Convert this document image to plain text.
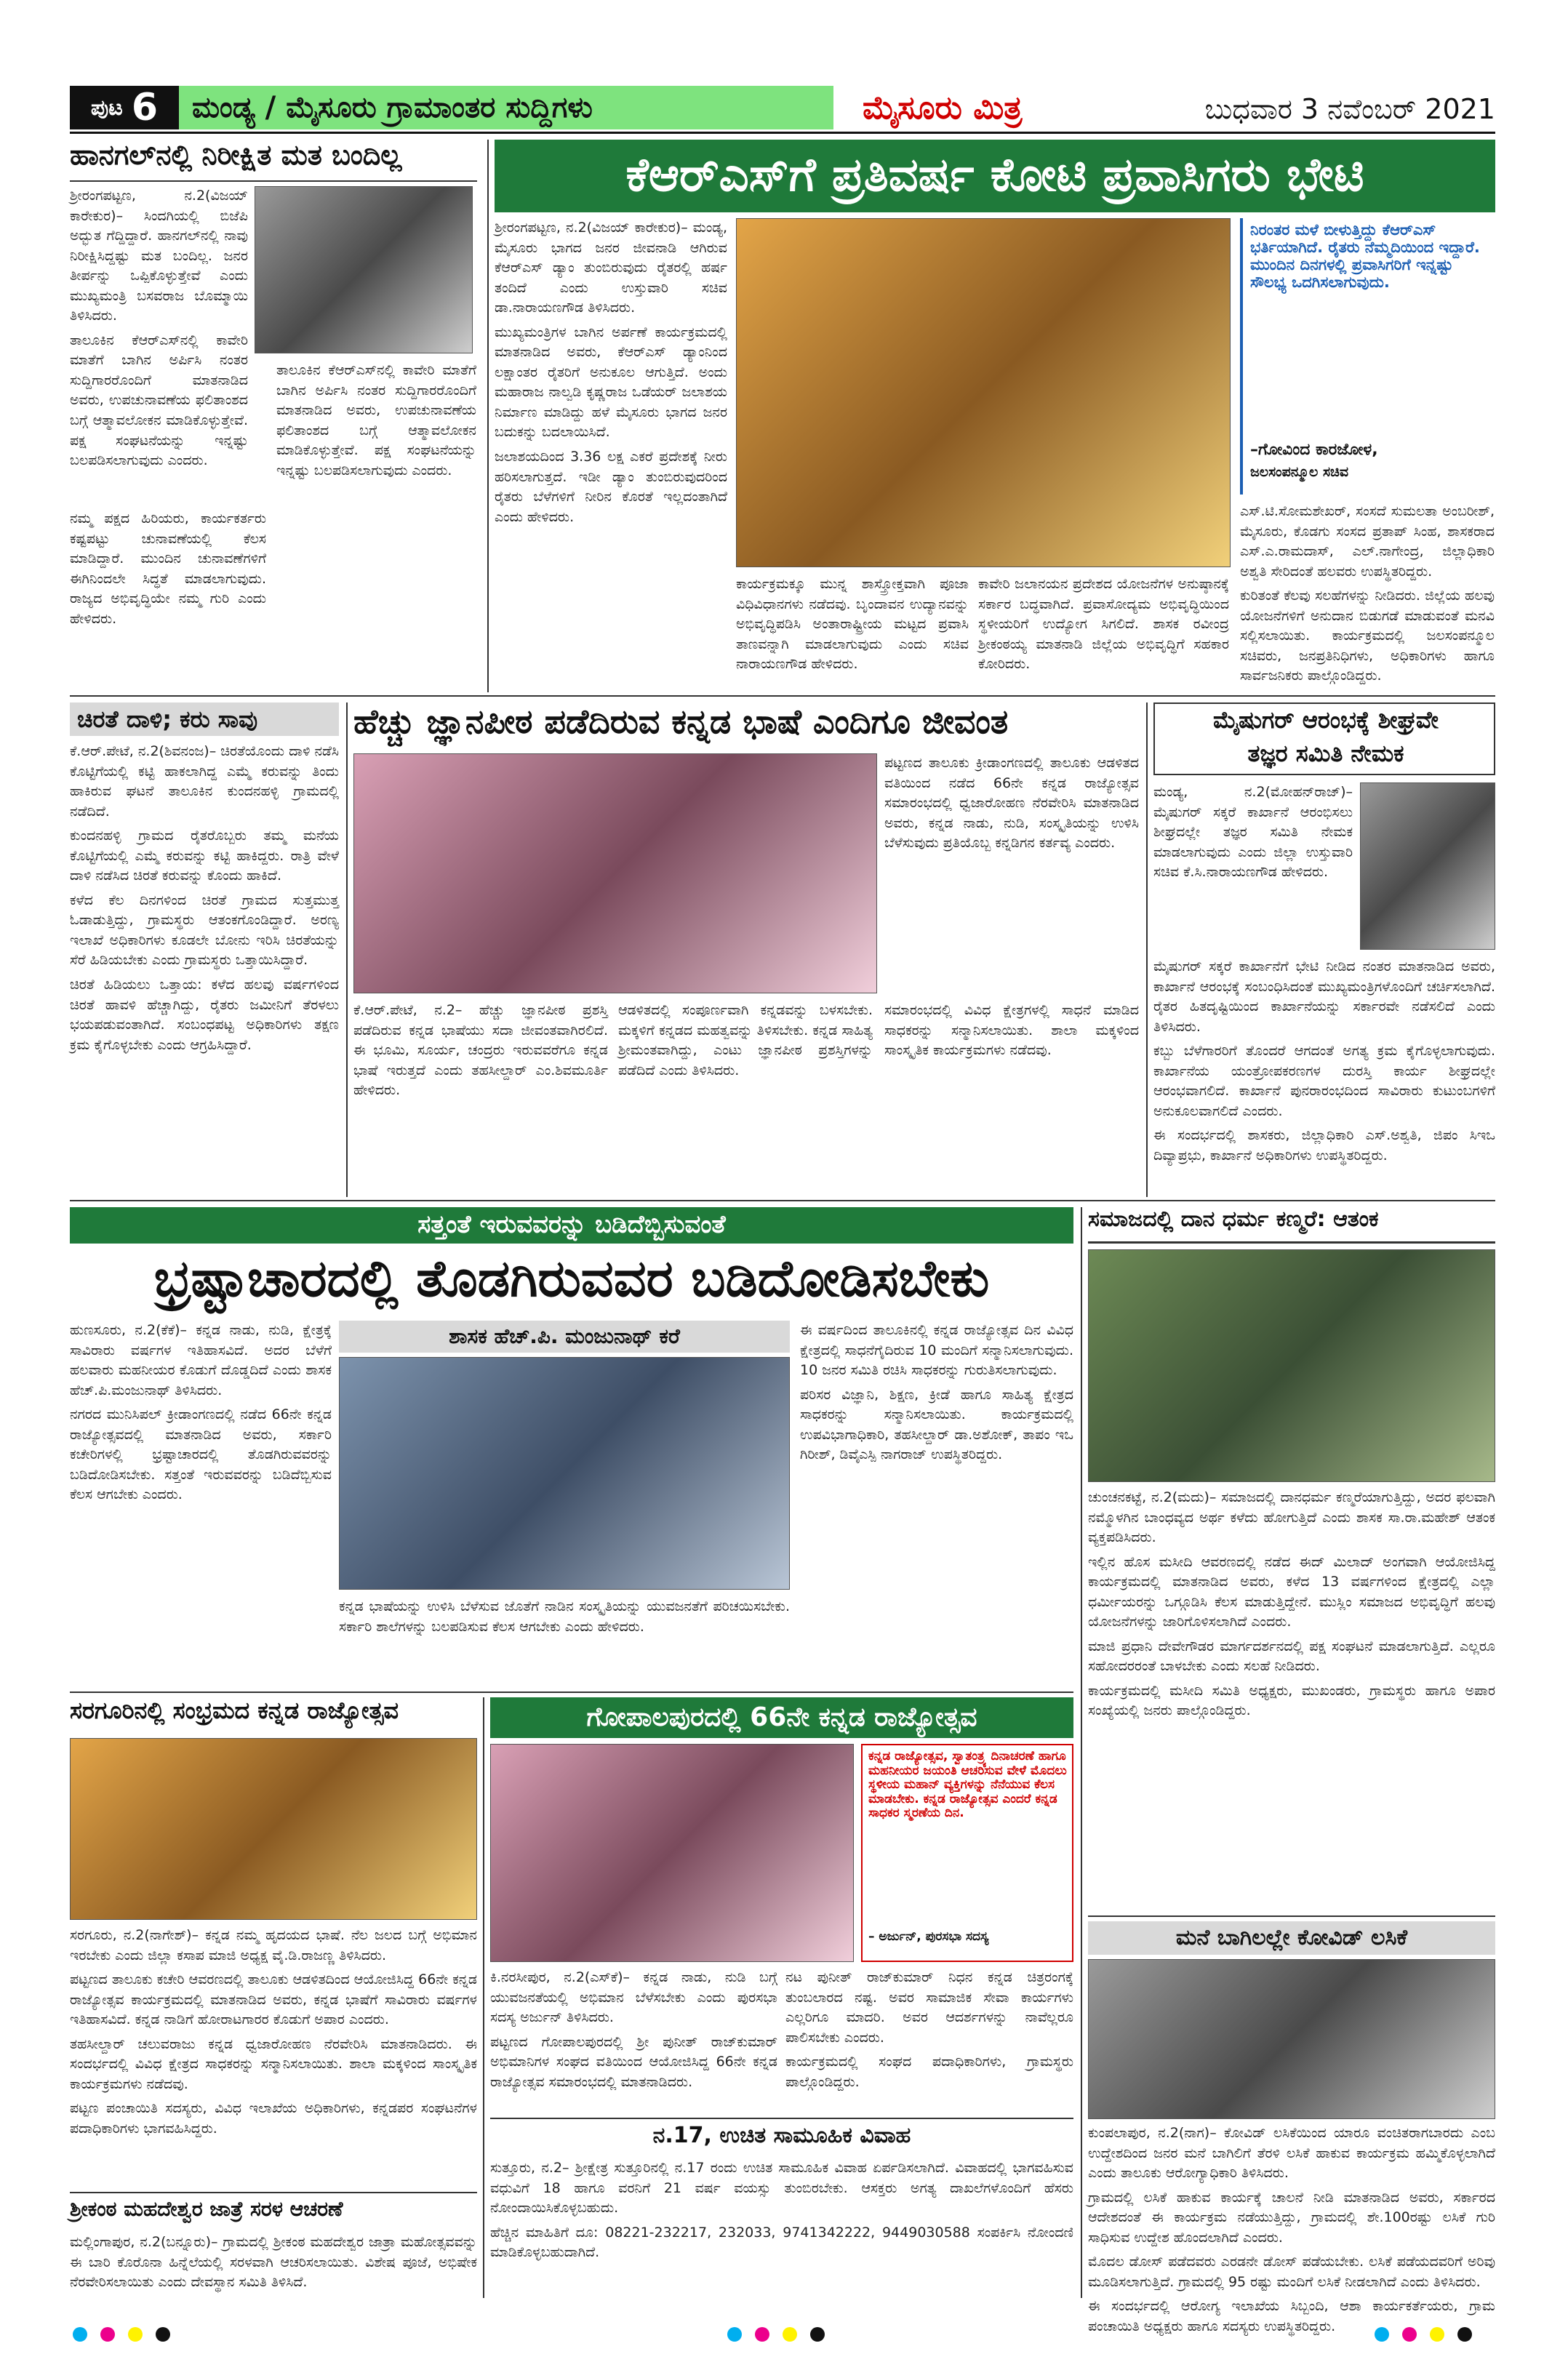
ಪುಟ 6	ಮಂಡ್ಯ / ಮೈಸೂರು ಗ್ರಾಮಾಂತರ ಸುದ್ದಿಗಳು	ಮೈಸೂರು ಮಿತ್ರ	ಬುಧವಾರ 3 ನವೆಂಬರ್ 2021
ಹಾನಗಲ್‌ನಲ್ಲಿ ನಿರೀಕ್ಷಿತ ಮತ ಬಂದಿಲ್ಲ

ಶ್ರೀರಂಗಪಟ್ಟಣ, ನ.2(ವಿಜಯ್ ಕಾರೇಕುರ)– ಸಿಂದಗಿಯಲ್ಲಿ ಬಿಜೆಪಿ ಅದ್ಭುತ ಗೆದ್ದಿದ್ದಾರೆ. ಹಾನಗಲ್‌ನಲ್ಲಿ ನಾವು ನಿರೀಕ್ಷಿಸಿದ್ದಷ್ಟು ಮತ ಬಂದಿಲ್ಲ. ಜನರ ತೀರ್ಪನ್ನು ಒಪ್ಪಿಕೊಳ್ಳುತ್ತೇವೆ ಎಂದು ಮುಖ್ಯಮಂತ್ರಿ ಬಸವರಾಜ ಬೊಮ್ಮಾಯಿ ತಿಳಿಸಿದರು.

ತಾಲೂಕಿನ ಕೆಆರ್‌ಎಸ್‌ನಲ್ಲಿ ಕಾವೇರಿ ಮಾತೆಗೆ ಬಾಗಿನ ಅರ್ಪಿಸಿ ನಂತರ ಸುದ್ದಿಗಾರರೊಂದಿಗೆ ಮಾತನಾಡಿದ ಅವರು, ಉಪಚುನಾವಣೆಯ ಫಲಿತಾಂಶದ ಬಗ್ಗೆ ಆತ್ಮಾವಲೋಕನ ಮಾಡಿಕೊಳ್ಳುತ್ತೇವೆ. ಪಕ್ಷ ಸಂಘಟನೆಯನ್ನು ಇನ್ನಷ್ಟು ಬಲಪಡಿಸಲಾಗುವುದು ಎಂದರು.

ನಮ್ಮ ಪಕ್ಷದ ಹಿರಿಯರು, ಕಾರ್ಯಕರ್ತರು ಕಷ್ಟಪಟ್ಟು ಚುನಾವಣೆಯಲ್ಲಿ ಕೆಲಸ ಮಾಡಿದ್ದಾರೆ. ಮುಂದಿನ ಚುನಾವಣೆಗಳಿಗೆ ಈಗಿನಿಂದಲೇ ಸಿದ್ಧತೆ ಮಾಡಲಾಗುವುದು. ರಾಜ್ಯದ ಅಭಿವೃದ್ಧಿಯೇ ನಮ್ಮ ಗುರಿ ಎಂದು ಹೇಳಿದರು.

ತಾಲೂಕಿನ ಕೆಆರ್‌ಎಸ್‌ನಲ್ಲಿ ಕಾವೇರಿ ಮಾತೆಗೆ ಬಾಗಿನ ಅರ್ಪಿಸಿ ನಂತರ ಸುದ್ದಿಗಾರರೊಂದಿಗೆ ಮಾತನಾಡಿದ ಅವರು, ಉಪಚುನಾವಣೆಯ ಫಲಿತಾಂಶದ ಬಗ್ಗೆ ಆತ್ಮಾವಲೋಕನ ಮಾಡಿಕೊಳ್ಳುತ್ತೇವೆ. ಪಕ್ಷ ಸಂಘಟನೆಯನ್ನು ಇನ್ನಷ್ಟು ಬಲಪಡಿಸಲಾಗುವುದು ಎಂದರು.

ಕೆಆರ್‌ಎಸ್‌ಗೆ ಪ್ರತಿವರ್ಷ ಕೋಟಿ ಪ್ರವಾಸಿಗರು ಭೇಟಿ

ಶ್ರೀರಂಗಪಟ್ಟಣ, ನ.2(ವಿಜಯ್ ಕಾರೇಕುರ)– ಮಂಡ್ಯ, ಮೈಸೂರು ಭಾಗದ ಜನರ ಜೀವನಾಡಿ ಆಗಿರುವ ಕೆಆರ್‌ಎಸ್ ಡ್ಯಾಂ ತುಂಬಿರುವುದು ರೈತರಲ್ಲಿ ಹರ್ಷ ತಂದಿದೆ ಎಂದು ಉಸ್ತುವಾರಿ ಸಚಿವ ಡಾ.ನಾರಾಯಣಗೌಡ ತಿಳಿಸಿದರು.

ಮುಖ್ಯಮಂತ್ರಿಗಳ ಬಾಗಿನ ಅರ್ಪಣೆ ಕಾರ್ಯಕ್ರಮದಲ್ಲಿ ಮಾತನಾಡಿದ ಅವರು, ಕೆಆರ್‌ಎಸ್ ಡ್ಯಾಂನಿಂದ ಲಕ್ಷಾಂತರ ರೈತರಿಗೆ ಅನುಕೂಲ ಆಗುತ್ತಿದೆ. ಅಂದು ಮಹಾರಾಜ ನಾಲ್ವಡಿ ಕೃಷ್ಣರಾಜ ಒಡೆಯರ್ ಜಲಾಶಯ ನಿರ್ಮಾಣ ಮಾಡಿದ್ದು ಹಳೆ ಮೈಸೂರು ಭಾಗದ ಜನರ ಬದುಕನ್ನು ಬದಲಾಯಿಸಿದೆ.

ಜಲಾಶಯದಿಂದ 3.36 ಲಕ್ಷ ಎಕರೆ ಪ್ರದೇಶಕ್ಕೆ ನೀರು ಹರಿಸಲಾಗುತ್ತದೆ. ಇಡೀ ಡ್ಯಾಂ ತುಂಬಿರುವುದರಿಂದ ರೈತರು ಬೆಳೆಗಳಿಗೆ ನೀರಿನ ಕೊರತೆ ಇಲ್ಲದಂತಾಗಿದೆ ಎಂದು ಹೇಳಿದರು.

ಕಾರ್ಯಕ್ರಮಕ್ಕೂ ಮುನ್ನ ಶಾಸ್ತ್ರೋಕ್ತವಾಗಿ ಪೂಜಾ ವಿಧಿವಿಧಾನಗಳು ನಡೆದವು. ಬೃಂದಾವನ ಉದ್ಯಾನವನ್ನು ಅಭಿವೃದ್ಧಿಪಡಿಸಿ ಅಂತಾರಾಷ್ಟ್ರೀಯ ಮಟ್ಟದ ಪ್ರವಾಸಿ ತಾಣವನ್ನಾಗಿ ಮಾಡಲಾಗುವುದು ಎಂದು ಸಚಿವ ನಾರಾಯಣಗೌಡ ಹೇಳಿದರು.

ಕಾವೇರಿ ಜಲಾನಯನ ಪ್ರದೇಶದ ಯೋಜನೆಗಳ ಅನುಷ್ಠಾನಕ್ಕೆ ಸರ್ಕಾರ ಬದ್ಧವಾಗಿದೆ. ಪ್ರವಾಸೋದ್ಯಮ ಅಭಿವೃದ್ಧಿಯಿಂದ ಸ್ಥಳೀಯರಿಗೆ ಉದ್ಯೋಗ ಸಿಗಲಿದೆ. ಶಾಸಕ ರವೀಂದ್ರ ಶ್ರೀಕಂಠಯ್ಯ ಮಾತನಾಡಿ ಜಿಲ್ಲೆಯ ಅಭಿವೃದ್ಧಿಗೆ ಸಹಕಾರ ಕೋರಿದರು.

ನಿರಂತರ ಮಳೆ ಬೀಳುತ್ತಿದ್ದು ಕೆಆರ್‌ಎಸ್ ಭರ್ತಿಯಾಗಿದೆ. ರೈತರು ನೆಮ್ಮದಿಯಿಂದ ಇದ್ದಾರೆ. ಮುಂದಿನ ದಿನಗಳಲ್ಲಿ ಪ್ರವಾಸಿಗರಿಗೆ ಇನ್ನಷ್ಟು ಸೌಲಭ್ಯ ಒದಗಿಸಲಾಗುವುದು.
–ಗೋವಿಂದ ಕಾರಜೋಳ,
ಜಲಸಂಪನ್ಮೂಲ ಸಚಿವ

ಎಸ್.ಟಿ.ಸೋಮಶೇಖರ್, ಸಂಸದೆ ಸುಮಲತಾ ಅಂಬರೀಶ್, ಮೈಸೂರು, ಕೊಡಗು ಸಂಸದ ಪ್ರತಾಪ್ ಸಿಂಹ, ಶಾಸಕರಾದ ಎಸ್.ಎ.ರಾಮದಾಸ್, ಎಲ್.ನಾಗೇಂದ್ರ, ಜಿಲ್ಲಾಧಿಕಾರಿ ಅಶ್ವತಿ ಸೇರಿದಂತೆ ಹಲವರು ಉಪಸ್ಥಿತರಿದ್ದರು.

ಕುರಿತಂತೆ ಕೆಲವು ಸಲಹೆಗಳನ್ನು ನೀಡಿದರು. ಜಿಲ್ಲೆಯ ಹಲವು ಯೋಜನೆಗಳಿಗೆ ಅನುದಾನ ಬಿಡುಗಡೆ ಮಾಡುವಂತೆ ಮನವಿ ಸಲ್ಲಿಸಲಾಯಿತು. ಕಾರ್ಯಕ್ರಮದಲ್ಲಿ ಜಲಸಂಪನ್ಮೂಲ ಸಚಿವರು, ಜನಪ್ರತಿನಿಧಿಗಳು, ಅಧಿಕಾರಿಗಳು ಹಾಗೂ ಸಾರ್ವಜನಿಕರು ಪಾಲ್ಗೊಂಡಿದ್ದರು.

ಚಿರತೆ ದಾಳಿ; ಕರು ಸಾವು

ಕೆ.ಆರ್.ಪೇಟೆ, ನ.2(ಶಿವನಂಜ)– ಚಿರತೆಯೊಂದು ದಾಳಿ ನಡೆಸಿ ಕೊಟ್ಟಿಗೆಯಲ್ಲಿ ಕಟ್ಟಿ ಹಾಕಲಾಗಿದ್ದ ಎಮ್ಮೆ ಕರುವನ್ನು ತಿಂದು ಹಾಕಿರುವ ಘಟನೆ ತಾಲೂಕಿನ ಕುಂದನಹಳ್ಳಿ ಗ್ರಾಮದಲ್ಲಿ ನಡೆದಿದೆ.

ಕುಂದನಹಳ್ಳಿ ಗ್ರಾಮದ ರೈತರೊಬ್ಬರು ತಮ್ಮ ಮನೆಯ ಕೊಟ್ಟಿಗೆಯಲ್ಲಿ ಎಮ್ಮೆ ಕರುವನ್ನು ಕಟ್ಟಿ ಹಾಕಿದ್ದರು. ರಾತ್ರಿ ವೇಳೆ ದಾಳಿ ನಡೆಸಿದ ಚಿರತೆ ಕರುವನ್ನು ಕೊಂದು ಹಾಕಿದೆ.

ಕಳೆದ ಕೆಲ ದಿನಗಳಿಂದ ಚಿರತೆ ಗ್ರಾಮದ ಸುತ್ತಮುತ್ತ ಓಡಾಡುತ್ತಿದ್ದು, ಗ್ರಾಮಸ್ಥರು ಆತಂಕಗೊಂಡಿದ್ದಾರೆ. ಅರಣ್ಯ ಇಲಾಖೆ ಅಧಿಕಾರಿಗಳು ಕೂಡಲೇ ಬೋನು ಇರಿಸಿ ಚಿರತೆಯನ್ನು ಸೆರೆ ಹಿಡಿಯಬೇಕು ಎಂದು ಗ್ರಾಮಸ್ಥರು ಒತ್ತಾಯಿಸಿದ್ದಾರೆ.

ಚಿರತೆ ಹಿಡಿಯಲು ಒತ್ತಾಯ: ಕಳೆದ ಹಲವು ವರ್ಷಗಳಿಂದ ಚಿರತೆ ಹಾವಳಿ ಹೆಚ್ಚಾಗಿದ್ದು, ರೈತರು ಜಮೀನಿಗೆ ತೆರಳಲು ಭಯಪಡುವಂತಾಗಿದೆ. ಸಂಬಂಧಪಟ್ಟ ಅಧಿಕಾರಿಗಳು ತಕ್ಷಣ ಕ್ರಮ ಕೈಗೊಳ್ಳಬೇಕು ಎಂದು ಆಗ್ರಹಿಸಿದ್ದಾರೆ.

ಹೆಚ್ಚು ಜ್ಞಾನಪೀಠ ಪಡೆದಿರುವ ಕನ್ನಡ ಭಾಷೆ ಎಂದಿಗೂ ಜೀವಂತ

ಪಟ್ಟಣದ ತಾಲೂಕು ಕ್ರೀಡಾಂಗಣದಲ್ಲಿ ತಾಲೂಕು ಆಡಳಿತದ ವತಿಯಿಂದ ನಡೆದ 66ನೇ ಕನ್ನಡ ರಾಜ್ಯೋತ್ಸವ ಸಮಾರಂಭದಲ್ಲಿ ಧ್ವಜಾರೋಹಣ ನೆರವೇರಿಸಿ ಮಾತನಾಡಿದ ಅವರು, ಕನ್ನಡ ನಾಡು, ನುಡಿ, ಸಂಸ್ಕೃತಿಯನ್ನು ಉಳಿಸಿ ಬೆಳೆಸುವುದು ಪ್ರತಿಯೊಬ್ಬ ಕನ್ನಡಿಗನ ಕರ್ತವ್ಯ ಎಂದರು.

ಕೆ.ಆರ್.ಪೇಟೆ, ನ.2– ಹೆಚ್ಚು ಜ್ಞಾನಪೀಠ ಪ್ರಶಸ್ತಿ ಪಡೆದಿರುವ ಕನ್ನಡ ಭಾಷೆಯು ಸದಾ ಜೀವಂತವಾಗಿರಲಿದೆ. ಈ ಭೂಮಿ, ಸೂರ್ಯ, ಚಂದ್ರರು ಇರುವವರೆಗೂ ಕನ್ನಡ ಭಾಷೆ ಇರುತ್ತದೆ ಎಂದು ತಹಸೀಲ್ದಾರ್ ಎಂ.ಶಿವಮೂರ್ತಿ ಹೇಳಿದರು.

ಆಡಳಿತದಲ್ಲಿ ಸಂಪೂರ್ಣವಾಗಿ ಕನ್ನಡವನ್ನು ಬಳಸಬೇಕು. ಮಕ್ಕಳಿಗೆ ಕನ್ನಡದ ಮಹತ್ವವನ್ನು ತಿಳಿಸಬೇಕು. ಕನ್ನಡ ಸಾಹಿತ್ಯ ಶ್ರೀಮಂತವಾಗಿದ್ದು, ಎಂಟು ಜ್ಞಾನಪೀಠ ಪ್ರಶಸ್ತಿಗಳನ್ನು ಪಡೆದಿದೆ ಎಂದು ತಿಳಿಸಿದರು.

ಸಮಾರಂಭದಲ್ಲಿ ವಿವಿಧ ಕ್ಷೇತ್ರಗಳಲ್ಲಿ ಸಾಧನೆ ಮಾಡಿದ ಸಾಧಕರನ್ನು ಸನ್ಮಾನಿಸಲಾಯಿತು. ಶಾಲಾ ಮಕ್ಕಳಿಂದ ಸಾಂಸ್ಕೃತಿಕ ಕಾರ್ಯಕ್ರಮಗಳು ನಡೆದವು.

ಮೈಷುಗರ್ ಆರಂಭಕ್ಕೆ ಶೀಘ್ರವೇ
ತಜ್ಞರ ಸಮಿತಿ ನೇಮಕ

ಮಂಡ್ಯ, ನ.2(ಮೋಹನ್‌ರಾಜ್)– ಮೈಷುಗರ್ ಸಕ್ಕರೆ ಕಾರ್ಖಾನೆ ಆರಂಭಿಸಲು ಶೀಘ್ರದಲ್ಲೇ ತಜ್ಞರ ಸಮಿತಿ ನೇಮಕ ಮಾಡಲಾಗುವುದು ಎಂದು ಜಿಲ್ಲಾ ಉಸ್ತುವಾರಿ ಸಚಿವ ಕೆ.ಸಿ.ನಾರಾಯಣಗೌಡ ಹೇಳಿದರು.

ಮೈಷುಗರ್ ಸಕ್ಕರೆ ಕಾರ್ಖಾನೆಗೆ ಭೇಟಿ ನೀಡಿದ ನಂತರ ಮಾತನಾಡಿದ ಅವರು, ಕಾರ್ಖಾನೆ ಆರಂಭಕ್ಕೆ ಸಂಬಂಧಿಸಿದಂತೆ ಮುಖ್ಯಮಂತ್ರಿಗಳೊಂದಿಗೆ ಚರ್ಚಿಸಲಾಗಿದೆ. ರೈತರ ಹಿತದೃಷ್ಟಿಯಿಂದ ಕಾರ್ಖಾನೆಯನ್ನು ಸರ್ಕಾರವೇ ನಡೆಸಲಿದೆ ಎಂದು ತಿಳಿಸಿದರು.

ಕಬ್ಬು ಬೆಳೆಗಾರರಿಗೆ ತೊಂದರೆ ಆಗದಂತೆ ಅಗತ್ಯ ಕ್ರಮ ಕೈಗೊಳ್ಳಲಾಗುವುದು. ಕಾರ್ಖಾನೆಯ ಯಂತ್ರೋಪಕರಣಗಳ ದುರಸ್ತಿ ಕಾರ್ಯ ಶೀಘ್ರದಲ್ಲೇ ಆರಂಭವಾಗಲಿದೆ. ಕಾರ್ಖಾನೆ ಪುನರಾರಂಭದಿಂದ ಸಾವಿರಾರು ಕುಟುಂಬಗಳಿಗೆ ಅನುಕೂಲವಾಗಲಿದೆ ಎಂದರು.

ಈ ಸಂದರ್ಭದಲ್ಲಿ ಶಾಸಕರು, ಜಿಲ್ಲಾಧಿಕಾರಿ ಎಸ್.ಅಶ್ವತಿ, ಜಿಪಂ ಸಿಇಒ ದಿವ್ಯಾಪ್ರಭು, ಕಾರ್ಖಾನೆ ಅಧಿಕಾರಿಗಳು ಉಪಸ್ಥಿತರಿದ್ದರು.

ಸತ್ತಂತೆ ಇರುವವರನ್ನು ಬಡಿದೆಬ್ಬಿಸುವಂತೆ
ಭ್ರಷ್ಟಾಚಾರದಲ್ಲಿ ತೊಡಗಿರುವವರ ಬಡಿದೋಡಿಸಬೇಕು

ಹುಣಸೂರು, ನ.2(ಕೆಕೆ)– ಕನ್ನಡ ನಾಡು, ನುಡಿ, ಕ್ಷೇತ್ರಕ್ಕೆ ಸಾವಿರಾರು ವರ್ಷಗಳ ಇತಿಹಾಸವಿದೆ. ಅದರ ಬೆಳೆಗೆ ಹಲವಾರು ಮಹನೀಯರ ಕೊಡುಗೆ ದೊಡ್ಡದಿದೆ ಎಂದು ಶಾಸಕ ಹೆಚ್.ಪಿ.ಮಂಜುನಾಥ್ ತಿಳಿಸಿದರು.

ನಗರದ ಮುನಿಸಿಪಲ್ ಕ್ರೀಡಾಂಗಣದಲ್ಲಿ ನಡೆದ 66ನೇ ಕನ್ನಡ ರಾಜ್ಯೋತ್ಸವದಲ್ಲಿ ಮಾತನಾಡಿದ ಅವರು, ಸರ್ಕಾರಿ ಕಚೇರಿಗಳಲ್ಲಿ ಭ್ರಷ್ಟಾಚಾರದಲ್ಲಿ ತೊಡಗಿರುವವರನ್ನು ಬಡಿದೋಡಿಸಬೇಕು. ಸತ್ತಂತೆ ಇರುವವರನ್ನು ಬಡಿದೆಬ್ಬಿಸುವ ಕೆಲಸ ಆಗಬೇಕು ಎಂದರು.

ಶಾಸಕ ಹೆಚ್.ಪಿ. ಮಂಜುನಾಥ್ ಕರೆ

ಕನ್ನಡ ಭಾಷೆಯನ್ನು ಉಳಿಸಿ ಬೆಳೆಸುವ ಜೊತೆಗೆ ನಾಡಿನ ಸಂಸ್ಕೃತಿಯನ್ನು ಯುವಜನತೆಗೆ ಪರಿಚಯಿಸಬೇಕು. ಸರ್ಕಾರಿ ಶಾಲೆಗಳನ್ನು ಬಲಪಡಿಸುವ ಕೆಲಸ ಆಗಬೇಕು ಎಂದು ಹೇಳಿದರು.

ಈ ವರ್ಷದಿಂದ ತಾಲೂಕಿನಲ್ಲಿ ಕನ್ನಡ ರಾಜ್ಯೋತ್ಸವ ದಿನ ವಿವಿಧ ಕ್ಷೇತ್ರದಲ್ಲಿ ಸಾಧನೆಗೈದಿರುವ 10 ಮಂದಿಗೆ ಸನ್ಮಾನಿಸಲಾಗುವುದು. 10 ಜನರ ಸಮಿತಿ ರಚಿಸಿ ಸಾಧಕರನ್ನು ಗುರುತಿಸಲಾಗುವುದು.

ಪರಿಸರ ವಿಜ್ಞಾನಿ, ಶಿಕ್ಷಣ, ಕ್ರೀಡೆ ಹಾಗೂ ಸಾಹಿತ್ಯ ಕ್ಷೇತ್ರದ ಸಾಧಕರನ್ನು ಸನ್ಮಾನಿಸಲಾಯಿತು. ಕಾರ್ಯಕ್ರಮದಲ್ಲಿ ಉಪವಿಭಾಗಾಧಿಕಾರಿ, ತಹಸೀಲ್ದಾರ್ ಡಾ.ಅಶೋಕ್, ತಾಪಂ ಇಒ ಗಿರೀಶ್, ಡಿವೈಎಸ್ಪಿ ನಾಗರಾಜ್ ಉಪಸ್ಥಿತರಿದ್ದರು.

ಸಮಾಜದಲ್ಲಿ ದಾನ ಧರ್ಮ ಕಣ್ಮರೆ: ಆತಂಕ

ಚುಂಚನಕಟ್ಟೆ, ನ.2(ಮದು)– ಸಮಾಜದಲ್ಲಿ ದಾನಧರ್ಮ ಕಣ್ಮರೆಯಾಗುತ್ತಿದ್ದು, ಅದರ ಫಲವಾಗಿ ನಮ್ಮೊಳಗಿನ ಬಾಂಧವ್ಯದ ಅರ್ಥ ಕಳೆದು ಹೋಗುತ್ತಿದೆ ಎಂದು ಶಾಸಕ ಸಾ.ರಾ.ಮಹೇಶ್ ಆತಂಕ ವ್ಯಕ್ತಪಡಿಸಿದರು.

ಇಲ್ಲಿನ ಹೊಸ ಮಸೀದಿ ಆವರಣದಲ್ಲಿ ನಡೆದ ಈದ್ ಮಿಲಾದ್ ಅಂಗವಾಗಿ ಆಯೋಜಿಸಿದ್ದ ಕಾರ್ಯಕ್ರಮದಲ್ಲಿ ಮಾತನಾಡಿದ ಅವರು, ಕಳೆದ 13 ವರ್ಷಗಳಿಂದ ಕ್ಷೇತ್ರದಲ್ಲಿ ಎಲ್ಲಾ ಧರ್ಮೀಯರನ್ನು ಒಗ್ಗೂಡಿಸಿ ಕೆಲಸ ಮಾಡುತ್ತಿದ್ದೇನೆ. ಮುಸ್ಲಿಂ ಸಮಾಜದ ಅಭಿವೃದ್ಧಿಗೆ ಹಲವು ಯೋಜನೆಗಳನ್ನು ಜಾರಿಗೊಳಿಸಲಾಗಿದೆ ಎಂದರು.

ಮಾಜಿ ಪ್ರಧಾನಿ ದೇವೇಗೌಡರ ಮಾರ್ಗದರ್ಶನದಲ್ಲಿ ಪಕ್ಷ ಸಂಘಟನೆ ಮಾಡಲಾಗುತ್ತಿದೆ. ಎಲ್ಲರೂ ಸಹೋದರರಂತೆ ಬಾಳಬೇಕು ಎಂದು ಸಲಹೆ ನೀಡಿದರು.

ಕಾರ್ಯಕ್ರಮದಲ್ಲಿ ಮಸೀದಿ ಸಮಿತಿ ಅಧ್ಯಕ್ಷರು, ಮುಖಂಡರು, ಗ್ರಾಮಸ್ಥರು ಹಾಗೂ ಅಪಾರ ಸಂಖ್ಯೆಯಲ್ಲಿ ಜನರು ಪಾಲ್ಗೊಂಡಿದ್ದರು.

ಮನೆ ಬಾಗಿಲಲ್ಲೇ ಕೋವಿಡ್ ಲಸಿಕೆ

ಕುಂಪಲಾಪುರ, ನ.2(ನಾಗ)– ಕೋವಿಡ್ ಲಸಿಕೆಯಿಂದ ಯಾರೂ ವಂಚಿತರಾಗಬಾರದು ಎಂಬ ಉದ್ದೇಶದಿಂದ ಜನರ ಮನೆ ಬಾಗಿಲಿಗೆ ತೆರಳಿ ಲಸಿಕೆ ಹಾಕುವ ಕಾರ್ಯಕ್ರಮ ಹಮ್ಮಿಕೊಳ್ಳಲಾಗಿದೆ ಎಂದು ತಾಲೂಕು ಆರೋಗ್ಯಾಧಿಕಾರಿ ತಿಳಿಸಿದರು.

ಗ್ರಾಮದಲ್ಲಿ ಲಸಿಕೆ ಹಾಕುವ ಕಾರ್ಯಕ್ಕೆ ಚಾಲನೆ ನೀಡಿ ಮಾತನಾಡಿದ ಅವರು, ಸರ್ಕಾರದ ಆದೇಶದಂತೆ ಈ ಕಾರ್ಯಕ್ರಮ ನಡೆಯುತ್ತಿದ್ದು, ಗ್ರಾಮದಲ್ಲಿ ಶೇ.100ರಷ್ಟು ಲಸಿಕೆ ಗುರಿ ಸಾಧಿಸುವ ಉದ್ದೇಶ ಹೊಂದಲಾಗಿದೆ ಎಂದರು.

ಮೊದಲ ಡೋಸ್ ಪಡೆದವರು ಎರಡನೇ ಡೋಸ್ ಪಡೆಯಬೇಕು. ಲಸಿಕೆ ಪಡೆಯದವರಿಗೆ ಅರಿವು ಮೂಡಿಸಲಾಗುತ್ತಿದೆ. ಗ್ರಾಮದಲ್ಲಿ 95 ರಷ್ಟು ಮಂದಿಗೆ ಲಸಿಕೆ ನೀಡಲಾಗಿದೆ ಎಂದು ತಿಳಿಸಿದರು.

ಈ ಸಂದರ್ಭದಲ್ಲಿ ಆರೋಗ್ಯ ಇಲಾಖೆಯ ಸಿಬ್ಬಂದಿ, ಆಶಾ ಕಾರ್ಯಕರ್ತೆಯರು, ಗ್ರಾಮ ಪಂಚಾಯಿತಿ ಅಧ್ಯಕ್ಷರು ಹಾಗೂ ಸದಸ್ಯರು ಉಪಸ್ಥಿತರಿದ್ದರು.

ಸರಗೂರಿನಲ್ಲಿ ಸಂಭ್ರಮದ ಕನ್ನಡ ರಾಜ್ಯೋತ್ಸವ

ಸರಗೂರು, ನ.2(ನಾಗೇಶ್)– ಕನ್ನಡ ನಮ್ಮ ಹೃದಯದ ಭಾಷೆ. ನೆಲ ಜಲದ ಬಗ್ಗೆ ಅಭಿಮಾನ ಇರಬೇಕು ಎಂದು ಜಿಲ್ಲಾ ಕಸಾಪ ಮಾಜಿ ಅಧ್ಯಕ್ಷ ವೈ.ಡಿ.ರಾಜಣ್ಣ ತಿಳಿಸಿದರು.

ಪಟ್ಟಣದ ತಾಲೂಕು ಕಚೇರಿ ಆವರಣದಲ್ಲಿ ತಾಲೂಕು ಆಡಳಿತದಿಂದ ಆಯೋಜಿಸಿದ್ದ 66ನೇ ಕನ್ನಡ ರಾಜ್ಯೋತ್ಸವ ಕಾರ್ಯಕ್ರಮದಲ್ಲಿ ಮಾತನಾಡಿದ ಅವರು, ಕನ್ನಡ ಭಾಷೆಗೆ ಸಾವಿರಾರು ವರ್ಷಗಳ ಇತಿಹಾಸವಿದೆ. ಕನ್ನಡ ನಾಡಿಗೆ ಹೋರಾಟಗಾರರ ಕೊಡುಗೆ ಅಪಾರ ಎಂದರು.

ತಹಸೀಲ್ದಾರ್ ಚಲುವರಾಜು ಕನ್ನಡ ಧ್ವಜಾರೋಹಣ ನೆರವೇರಿಸಿ ಮಾತನಾಡಿದರು. ಈ ಸಂದರ್ಭದಲ್ಲಿ ವಿವಿಧ ಕ್ಷೇತ್ರದ ಸಾಧಕರನ್ನು ಸನ್ಮಾನಿಸಲಾಯಿತು. ಶಾಲಾ ಮಕ್ಕಳಿಂದ ಸಾಂಸ್ಕೃತಿಕ ಕಾರ್ಯಕ್ರಮಗಳು ನಡೆದವು.

ಪಟ್ಟಣ ಪಂಚಾಯಿತಿ ಸದಸ್ಯರು, ವಿವಿಧ ಇಲಾಖೆಯ ಅಧಿಕಾರಿಗಳು, ಕನ್ನಡಪರ ಸಂಘಟನೆಗಳ ಪದಾಧಿಕಾರಿಗಳು ಭಾಗವಹಿಸಿದ್ದರು.

ಶ್ರೀಕಂಠ ಮಹದೇಶ್ವರ ಜಾತ್ರೆ ಸರಳ ಆಚರಣೆ

ಮಲ್ಲಿಂಗಾಪುರ, ನ.2(ಬನ್ನೂರು)– ಗ್ರಾಮದಲ್ಲಿ ಶ್ರೀಕಂಠ ಮಹದೇಶ್ವರ ಜಾತ್ರಾ ಮಹೋತ್ಸವವನ್ನು ಈ ಬಾರಿ ಕೊರೊನಾ ಹಿನ್ನೆಲೆಯಲ್ಲಿ ಸರಳವಾಗಿ ಆಚರಿಸಲಾಯಿತು. ವಿಶೇಷ ಪೂಜೆ, ಅಭಿಷೇಕ ನೆರವೇರಿಸಲಾಯಿತು ಎಂದು ದೇವಸ್ಥಾನ ಸಮಿತಿ ತಿಳಿಸಿದೆ.

ಗೋಪಾಲಪುರದಲ್ಲಿ 66ನೇ ಕನ್ನಡ ರಾಜ್ಯೋತ್ಸವ
ಕನ್ನಡ ರಾಜ್ಯೋತ್ಸವ, ಸ್ವಾತಂತ್ರ್ಯ ದಿನಾಚರಣೆ ಹಾಗೂ ಮಹನೀಯರ ಜಯಂತಿ ಆಚರಿಸುವ ವೇಳೆ ಮೊದಲು ಸ್ಥಳೀಯ ಮಹಾನ್ ವ್ಯಕ್ತಿಗಳನ್ನು ನೆನೆಯುವ ಕೆಲಸ ಮಾಡಬೇಕು. ಕನ್ನಡ ರಾಜ್ಯೋತ್ಸವ ಎಂದರೆ ಕನ್ನಡ ಸಾಧಕರ ಸ್ಮರಣೆಯ ದಿನ.
– ಅರ್ಜುನ್, ಪುರಸಭಾ ಸದಸ್ಯ

ಕಿ.ನರಸೀಪುರ, ನ.2(ಎಸ್‌ಕೆ)– ಕನ್ನಡ ನಾಡು, ನುಡಿ ಬಗ್ಗೆ ಯುವಜನತೆಯಲ್ಲಿ ಅಭಿಮಾನ ಬೆಳೆಸಬೇಕು ಎಂದು ಪುರಸಭಾ ಸದಸ್ಯ ಅರ್ಜುನ್ ತಿಳಿಸಿದರು.

ಪಟ್ಟಣದ ಗೋಪಾಲಪುರದಲ್ಲಿ ಶ್ರೀ ಪುನೀತ್ ರಾಜ್‌ಕುಮಾರ್ ಅಭಿಮಾನಿಗಳ ಸಂಘದ ವತಿಯಿಂದ ಆಯೋಜಿಸಿದ್ದ 66ನೇ ಕನ್ನಡ ರಾಜ್ಯೋತ್ಸವ ಸಮಾರಂಭದಲ್ಲಿ ಮಾತನಾಡಿದರು.

ನಟ ಪುನೀತ್ ರಾಜ್‌ಕುಮಾರ್ ನಿಧನ ಕನ್ನಡ ಚಿತ್ರರಂಗಕ್ಕೆ ತುಂಬಲಾರದ ನಷ್ಟ. ಅವರ ಸಾಮಾಜಿಕ ಸೇವಾ ಕಾರ್ಯಗಳು ಎಲ್ಲರಿಗೂ ಮಾದರಿ. ಅವರ ಆದರ್ಶಗಳನ್ನು ನಾವೆಲ್ಲರೂ ಪಾಲಿಸಬೇಕು ಎಂದರು.

ಕಾರ್ಯಕ್ರಮದಲ್ಲಿ ಸಂಘದ ಪದಾಧಿಕಾರಿಗಳು, ಗ್ರಾಮಸ್ಥರು ಪಾಲ್ಗೊಂಡಿದ್ದರು.

ನ.17, ಉಚಿತ ಸಾಮೂಹಿಕ ವಿವಾಹ

ಸುತ್ತೂರು, ನ.2– ಶ್ರೀಕ್ಷೇತ್ರ ಸುತ್ತೂರಿನಲ್ಲಿ ನ.17 ರಂದು ಉಚಿತ ಸಾಮೂಹಿಕ ವಿವಾಹ ಏರ್ಪಡಿಸಲಾಗಿದೆ. ವಿವಾಹದಲ್ಲಿ ಭಾಗವಹಿಸುವ ವಧುವಿಗೆ 18 ಹಾಗೂ ವರನಿಗೆ 21 ವರ್ಷ ವಯಸ್ಸು ತುಂಬಿರಬೇಕು. ಆಸಕ್ತರು ಅಗತ್ಯ ದಾಖಲೆಗಳೊಂದಿಗೆ ಹೆಸರು ನೋಂದಾಯಿಸಿಕೊಳ್ಳಬಹುದು.

ಹೆಚ್ಚಿನ ಮಾಹಿತಿಗೆ ದೂ: 08221-232217, 232033, 9741342222, 9449030588 ಸಂಪರ್ಕಿಸಿ ನೋಂದಣಿ ಮಾಡಿಕೊಳ್ಳಬಹುದಾಗಿದೆ.
